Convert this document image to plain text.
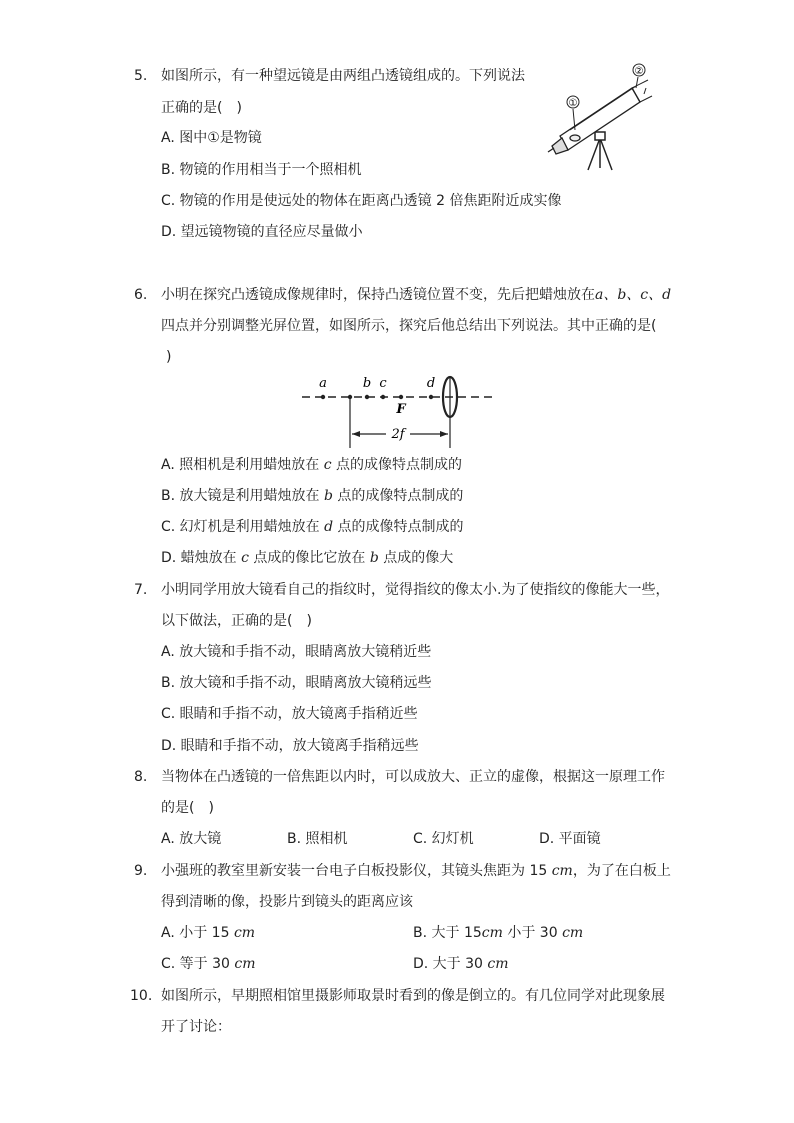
5. 如图所示，有一种望远镜是由两组凸透镜组成的。下列说法
正确的是(　)
A. 图中①是物镜
B. 物镜的作用相当于一个照相机
C. 物镜的作用是使远处的物体在距离凸透镜 2 倍焦距附近成实像
D. 望远镜物镜的直径应尽量做小
①
②
6. 小明在探究凸透镜成像规律时，保持凸透镜位置不变，先后把蜡烛放在a、b、c、d
四点并分别调整光屏位置，如图所示，探究后他总结出下列说法。其中正确的是(
)
a	b c	d
F
2f
A. 照相机是利用蜡烛放在 c 点的成像特点制成的
B. 放大镜是利用蜡烛放在 b 点的成像特点制成的
C. 幻灯机是利用蜡烛放在 d 点的成像特点制成的
D. 蜡烛放在 c 点成的像比它放在 b 点成的像大
7. 小明同学用放大镜看自己的指纹时，觉得指纹的像太小.为了使指纹的像能大一些，
以下做法，正确的是(　)
A. 放大镜和手指不动，眼睛离放大镜稍近些
B. 放大镜和手指不动，眼睛离放大镜稍远些
C. 眼睛和手指不动，放大镜离手指稍近些
D. 眼睛和手指不动，放大镜离手指稍远些
8. 当物体在凸透镜的一倍焦距以内时，可以成放大、正立的虚像，根据这一原理工作
的是(　)
A. 放大镜	B. 照相机	C. 幻灯机	D. 平面镜
9. 小强班的教室里新安装一台电子白板投影仪，其镜头焦距为 15 cm，为了在白板上
得到清晰的像，投影片到镜头的距离应该
A. 小于 15 cm	B. 大于 15cm 小于 30 cm
C. 等于 30 cm	D. 大于 30 cm
10. 如图所示，早期照相馆里摄影师取景时看到的像是倒立的。有几位同学对此现象展
开了讨论：
